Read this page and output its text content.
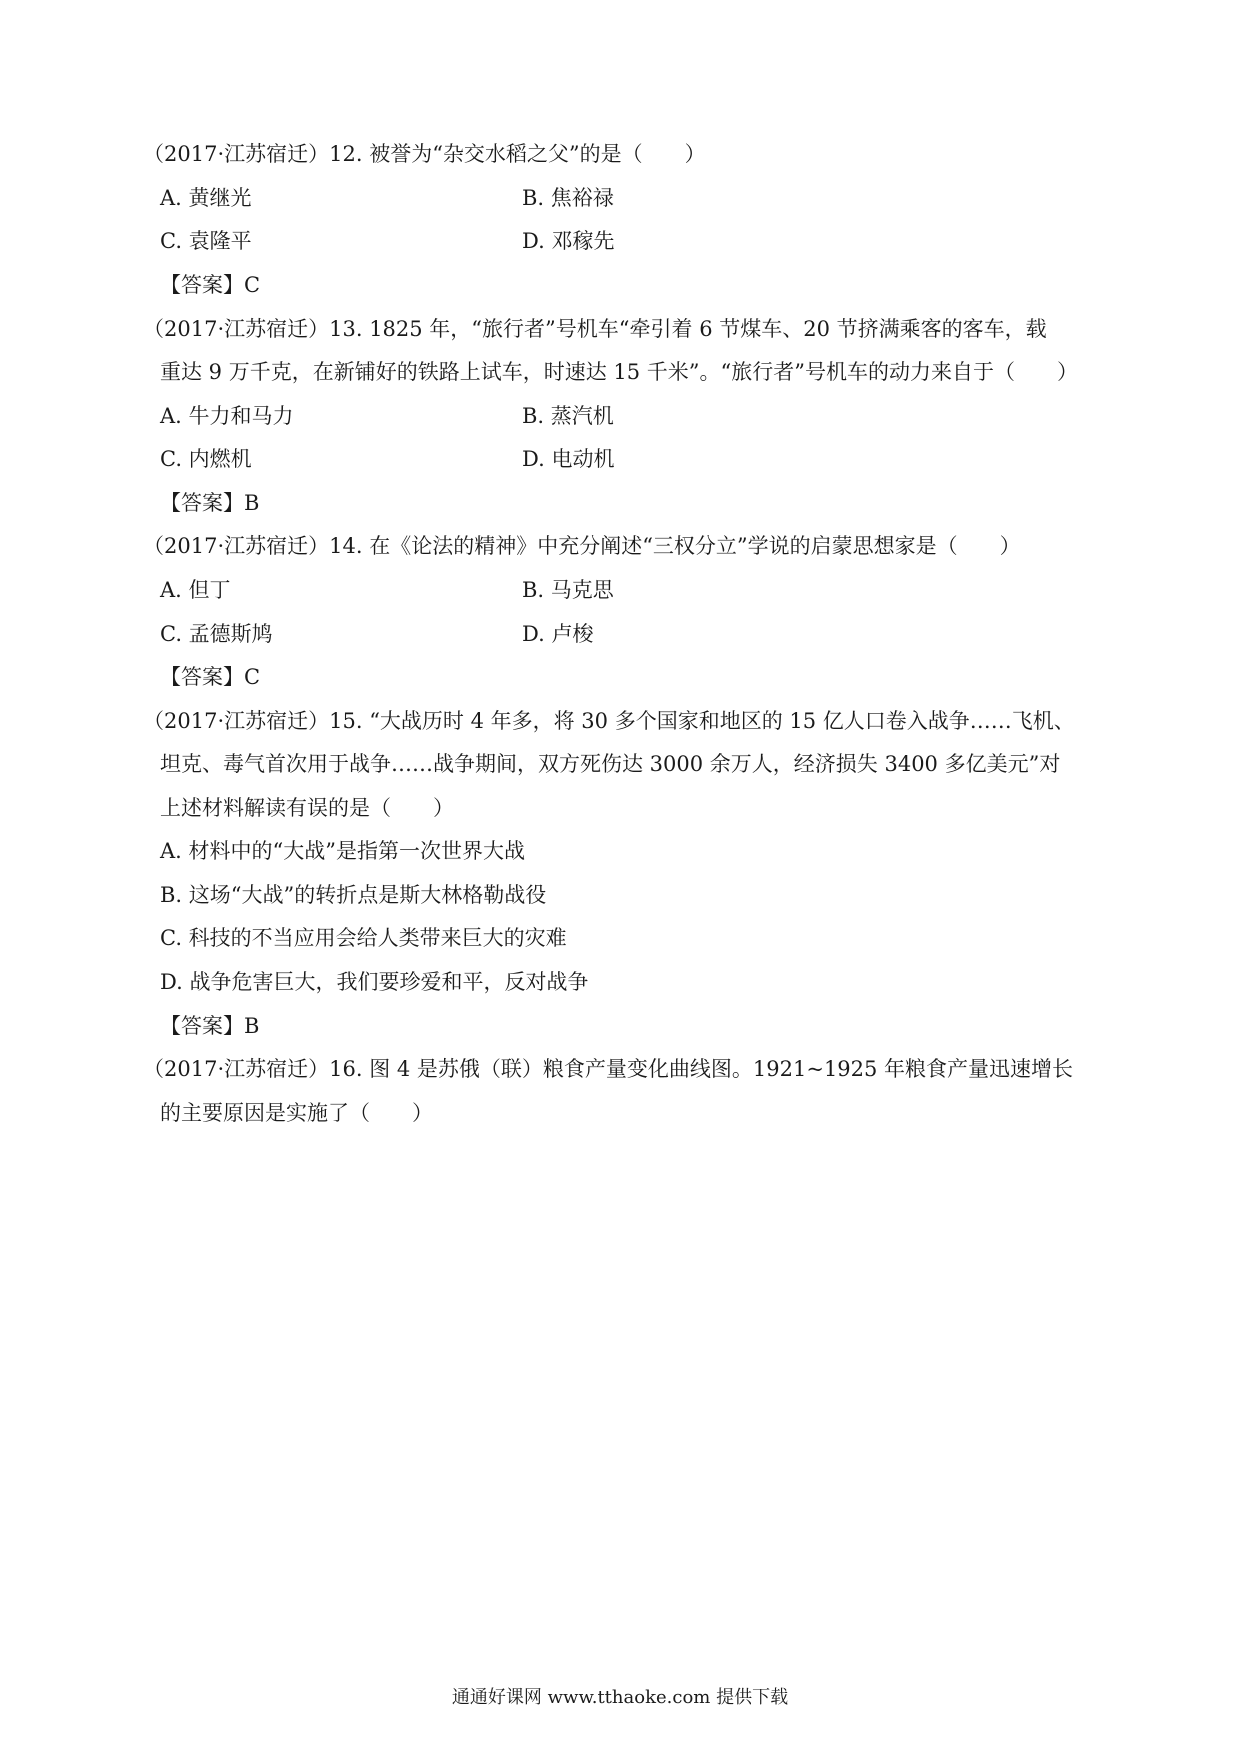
（2017·江苏宿迁）12. 被誉为“杂交水稻之父”的是（　　）
A. 黄继光	B. 焦裕禄
C. 袁隆平	D. 邓稼先
【答案】C
（2017·江苏宿迁）13. 1825 年，“旅行者”号机车“牵引着 6 节煤车、20 节挤满乘客的客车，载
重达 9 万千克，在新铺好的铁路上试车，时速达 15 千米”。“旅行者”号机车的动力来自于（　　）
A. 牛力和马力	B. 蒸汽机
C. 内燃机	D. 电动机
【答案】B
（2017·江苏宿迁）14. 在《论法的精神》中充分阐述“三权分立”学说的启蒙思想家是（　　）
A. 但丁	B. 马克思
C. 孟德斯鸠	D. 卢梭
【答案】C
（2017·江苏宿迁）15. “大战历时 4 年多，将 30 多个国家和地区的 15 亿人口卷入战争……飞机、
坦克、毒气首次用于战争……战争期间，双方死伤达 3000 余万人，经济损失 3400 多亿美元”对
上述材料解读有误的是（　　）
A. 材料中的“大战”是指第一次世界大战
B. 这场“大战”的转折点是斯大林格勒战役
C. 科技的不当应用会给人类带来巨大的灾难
D. 战争危害巨大，我们要珍爱和平，反对战争
【答案】B
（2017·江苏宿迁）16. 图 4 是苏俄（联）粮食产量变化曲线图。1921~1925 年粮食产量迅速增长
的主要原因是实施了（　　）
通通好课网 www.tthaoke.com 提供下载
